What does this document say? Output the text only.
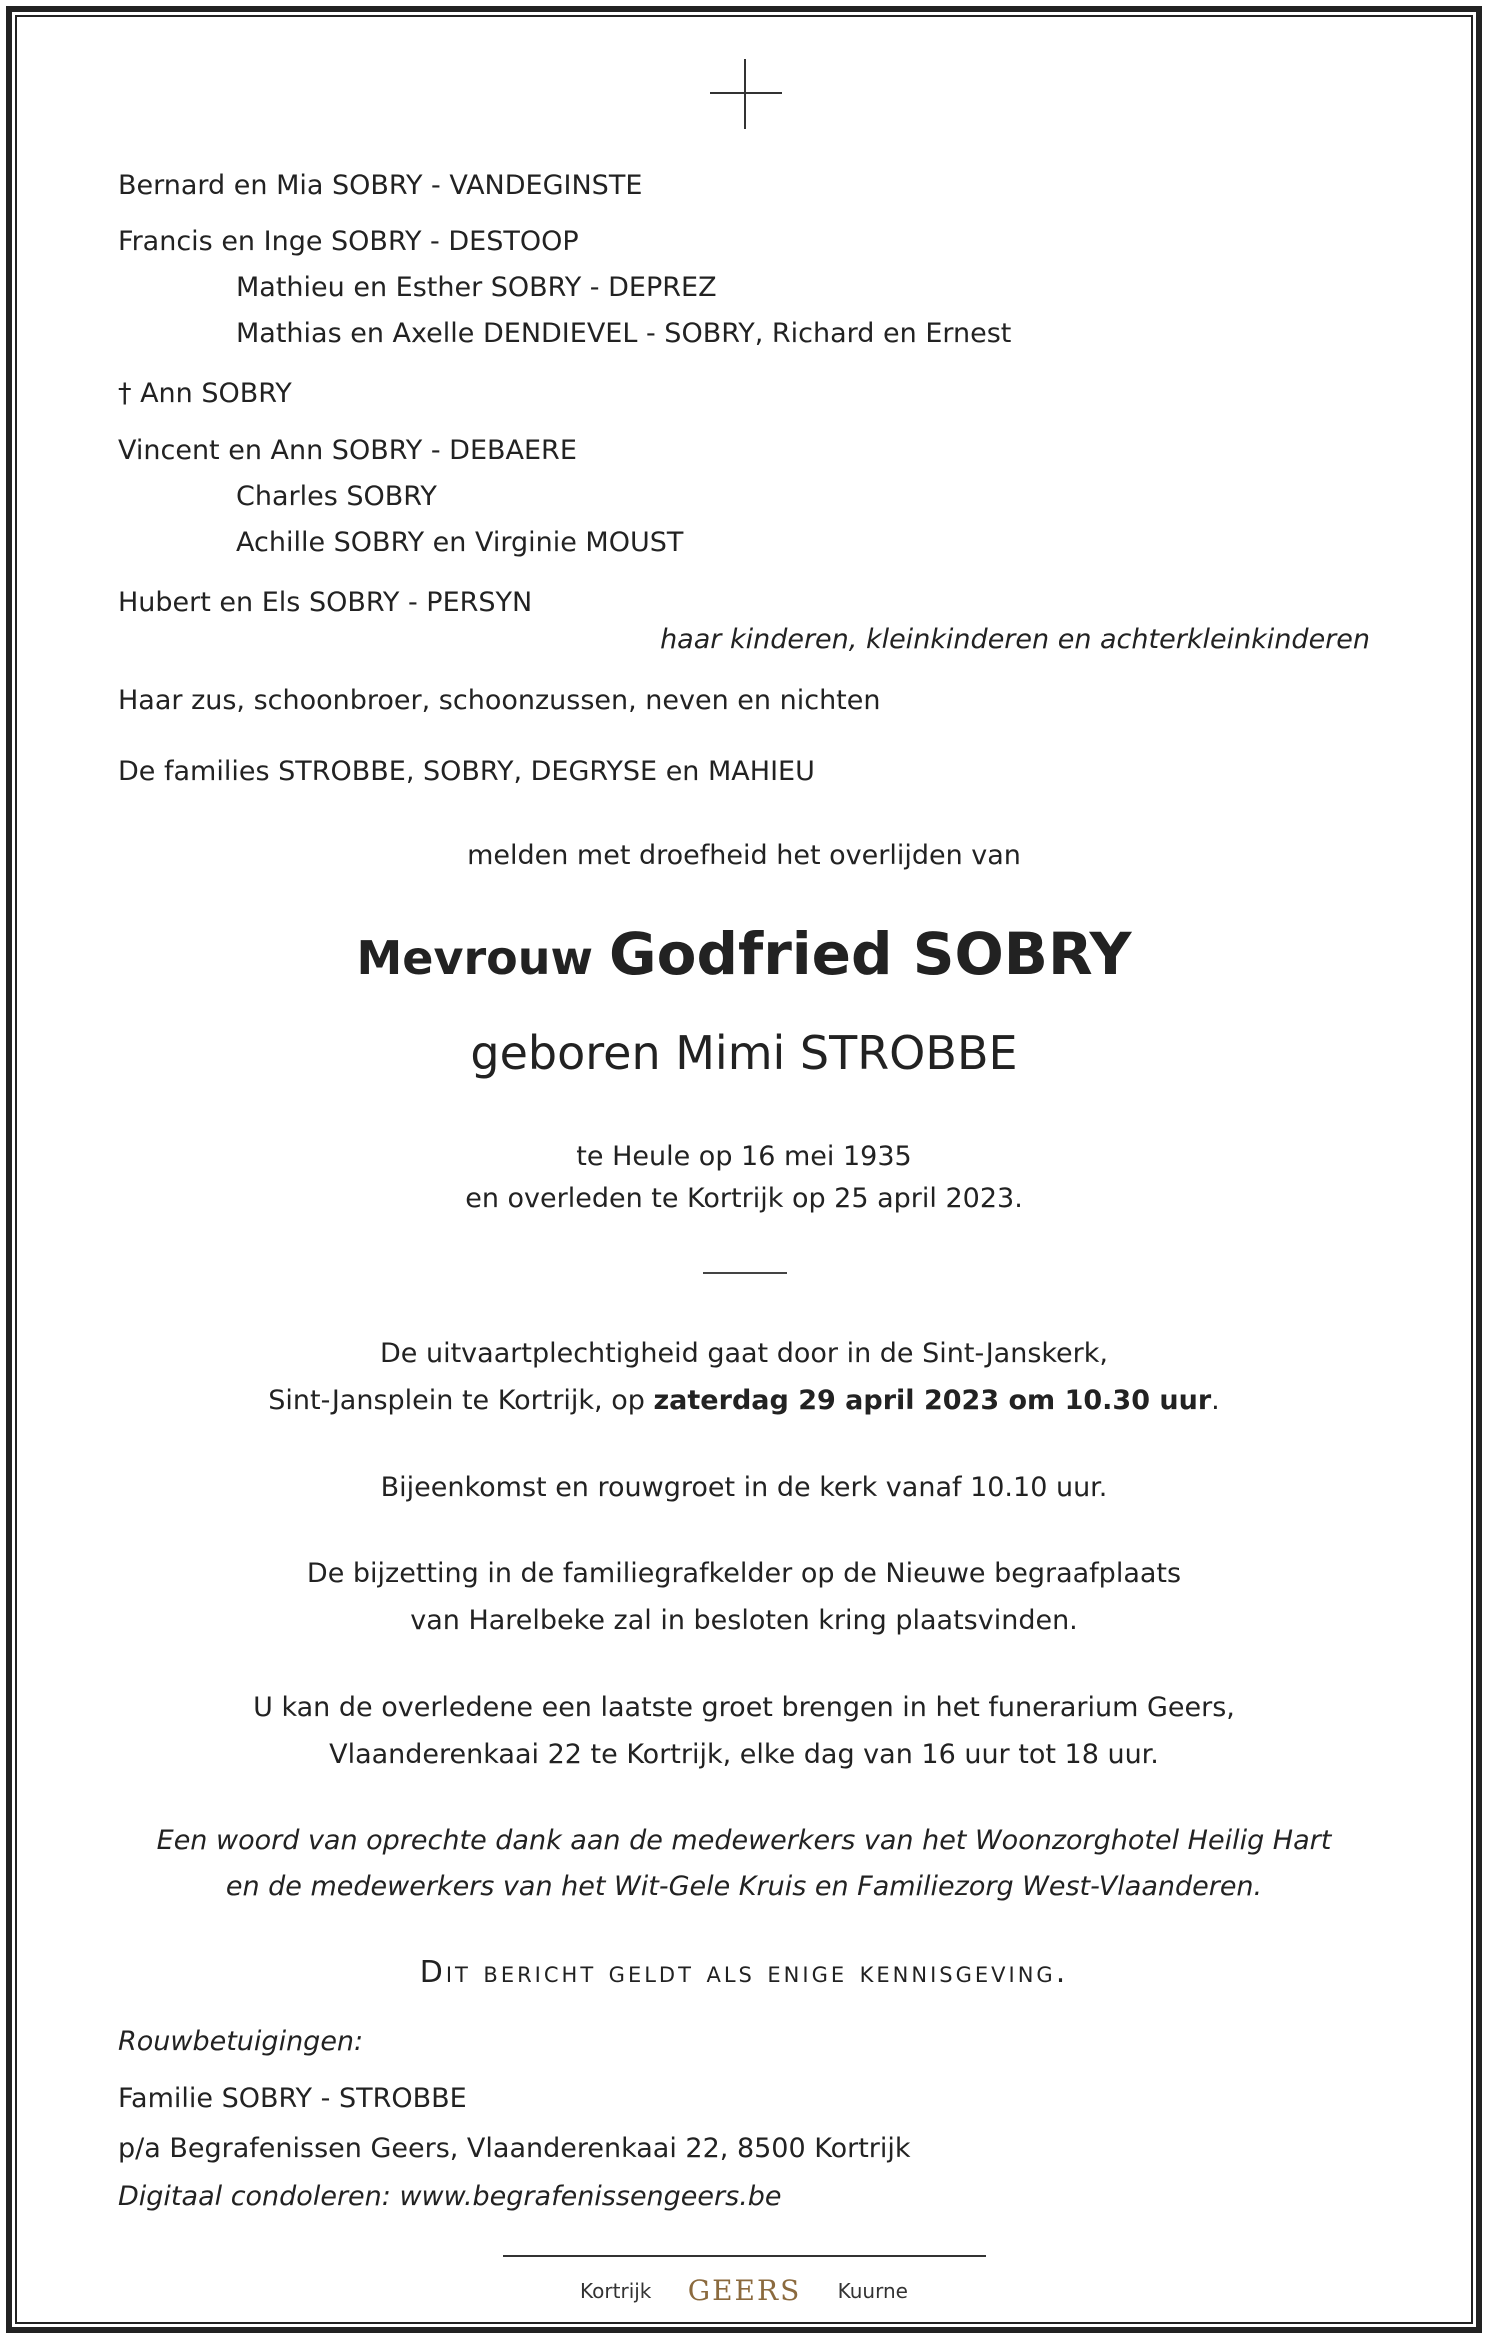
Bernard en Mia SOBRY - VANDEGINSTE
Francis en Inge SOBRY - DESTOOP
Mathieu en Esther SOBRY - DEPREZ
Mathias en Axelle DENDIEVEL - SOBRY, Richard en Ernest
† Ann SOBRY
Vincent en Ann SOBRY - DEBAERE
Charles SOBRY
Achille SOBRY en Virginie MOUST
Hubert en Els SOBRY - PERSYN
haar kinderen, kleinkinderen en achterkleinkinderen
Haar zus, schoonbroer, schoonzussen, neven en nichten
De families STROBBE, SOBRY, DEGRYSE en MAHIEU
melden met droefheid het overlijden van
Mevrouw Godfried SOBRY
geboren Mimi STROBBE
te Heule op 16 mei 1935
en overleden te Kortrijk op 25 april 2023.
De uitvaartplechtigheid gaat door in de Sint-Janskerk,
Sint-Jansplein te Kortrijk, op zaterdag 29 april 2023 om 10.30 uur.
Bijeenkomst en rouwgroet in de kerk vanaf 10.10 uur.
De bijzetting in de familiegrafkelder op de Nieuwe begraafplaats
van Harelbeke zal in besloten kring plaatsvinden.
U kan de overledene een laatste groet brengen in het funerarium Geers,
Vlaanderenkaai 22 te Kortrijk, elke dag van 16 uur tot 18 uur.
Een woord van oprechte dank aan de medewerkers van het Woonzorghotel Heilig Hart
en de medewerkers van het Wit-Gele Kruis en Familiezorg West-Vlaanderen.
Dit bericht geldt als enige kennisgeving.
Rouwbetuigingen:
Familie SOBRY - STROBBE
p/a Begrafenissen Geers, Vlaanderenkaai 22, 8500 Kortrijk
Digitaal condoleren: www.begrafenissengeers.be
Kortrijk GEERS Kuurne
